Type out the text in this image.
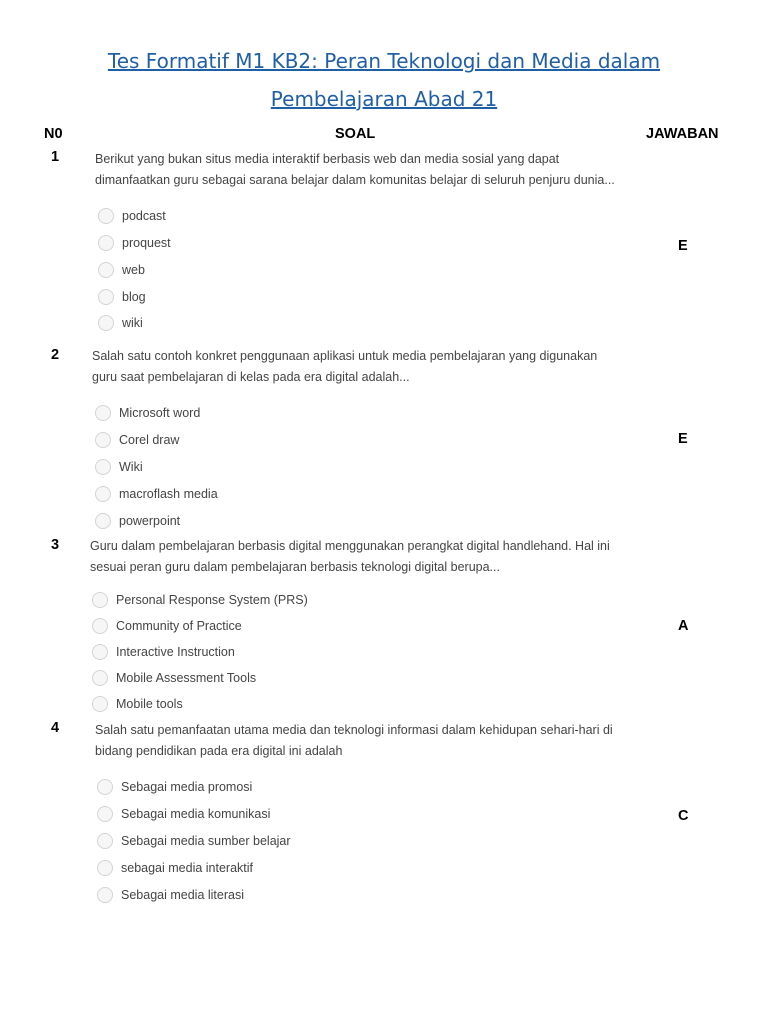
Tes Formatif M1 KB2: Peran Teknologi dan Media dalam
Pembelajaran Abad 21
N0	SOAL	JAWABAN
1	Berikut yang bukan situs media interaktif berbasis web dan media sosial yang dapat
dimanfaatkan guru sebagai sarana belajar dalam komunitas belajar di seluruh penjuru dunia...
podcast
proquest
web
blog
wiki
E
2	Salah satu contoh konkret penggunaan aplikasi untuk media pembelajaran yang digunakan
guru saat pembelajaran di kelas pada era digital adalah...
Microsoft word
Corel draw
Wiki
macroflash media
powerpoint
E
3 Guru dalam pembelajaran berbasis digital menggunakan perangkat digital handlehand. Hal ini
sesuai peran guru dalam pembelajaran berbasis teknologi digital berupa...
Personal Response System (PRS)
Community of Practice
Interactive Instruction
Mobile Assessment Tools
Mobile tools
A
4	Salah satu pemanfaatan utama media dan teknologi informasi dalam kehidupan sehari-hari di
bidang pendidikan pada era digital ini adalah
Sebagai media promosi
Sebagai media komunikasi
Sebagai media sumber belajar
sebagai media interaktif
Sebagai media literasi
C
